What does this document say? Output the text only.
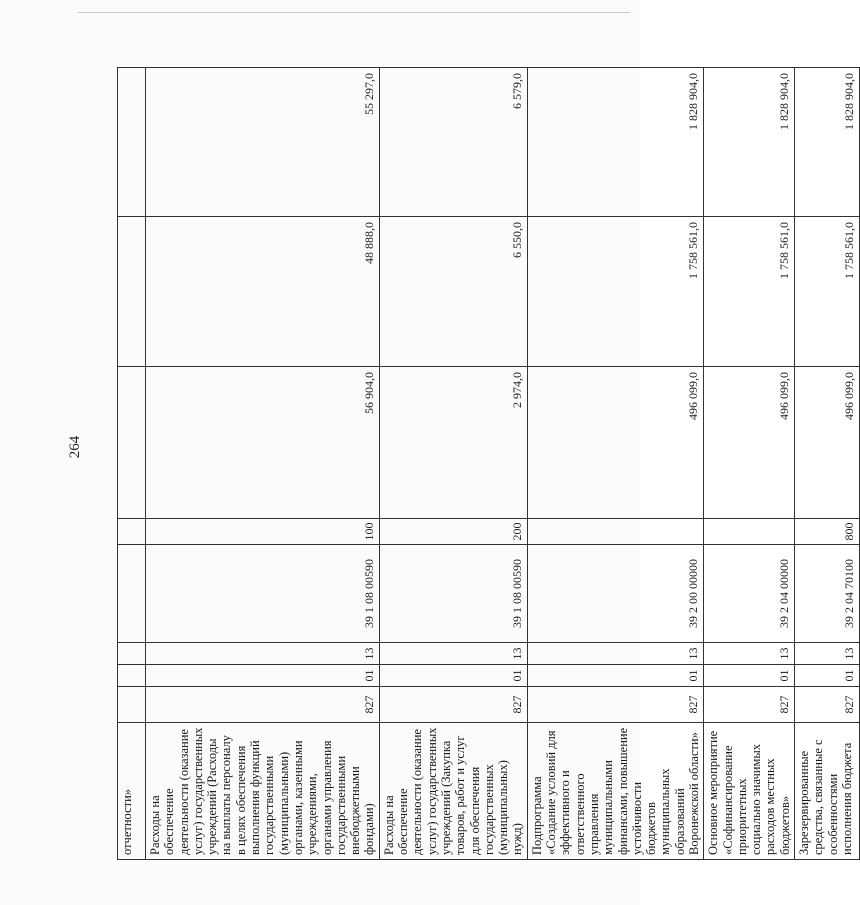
264
отчетности»								
Расходы на обеспечение деятельности (оказание услуг) государственных учреждений (Расходы на выплаты персоналу в целях обеспечения выполнения функций государственными (муниципальными) органами, казенными учреждениями, органами управления государственными внебюджетными фондами)	827	01	13	39 1 08 00590	100	56 904,0	48 888,0	55 297,0
Расходы на обеспечение деятельности (оказание услуг) государственных учреждений (Закупка товаров, работ и услуг для обеспечения государственных (муниципальных) нужд)	827	01	13	39 1 08 00590	200	2 974,0	6 550,0	6 579,0
Подпрограмма «Создание условий для эффективного и ответственного управления муниципальными финансами, повышение устойчивости бюджетов муниципальных образований Воронежской области»	827	01	13	39 2 00 00000		496 099,0	1 758 561,0	1 828 904,0
Основное мероприятие «Софинансирование приоритетных социально значимых расходов местных бюджетов»	827	01	13	39 2 04 00000		496 099,0	1 758 561,0	1 828 904,0
Зарезервированные средства, связанные с особенностями исполнения бюджета	827	01	13	39 2 04 70100	800	496 099,0	1 758 561,0	1 828 904,0
